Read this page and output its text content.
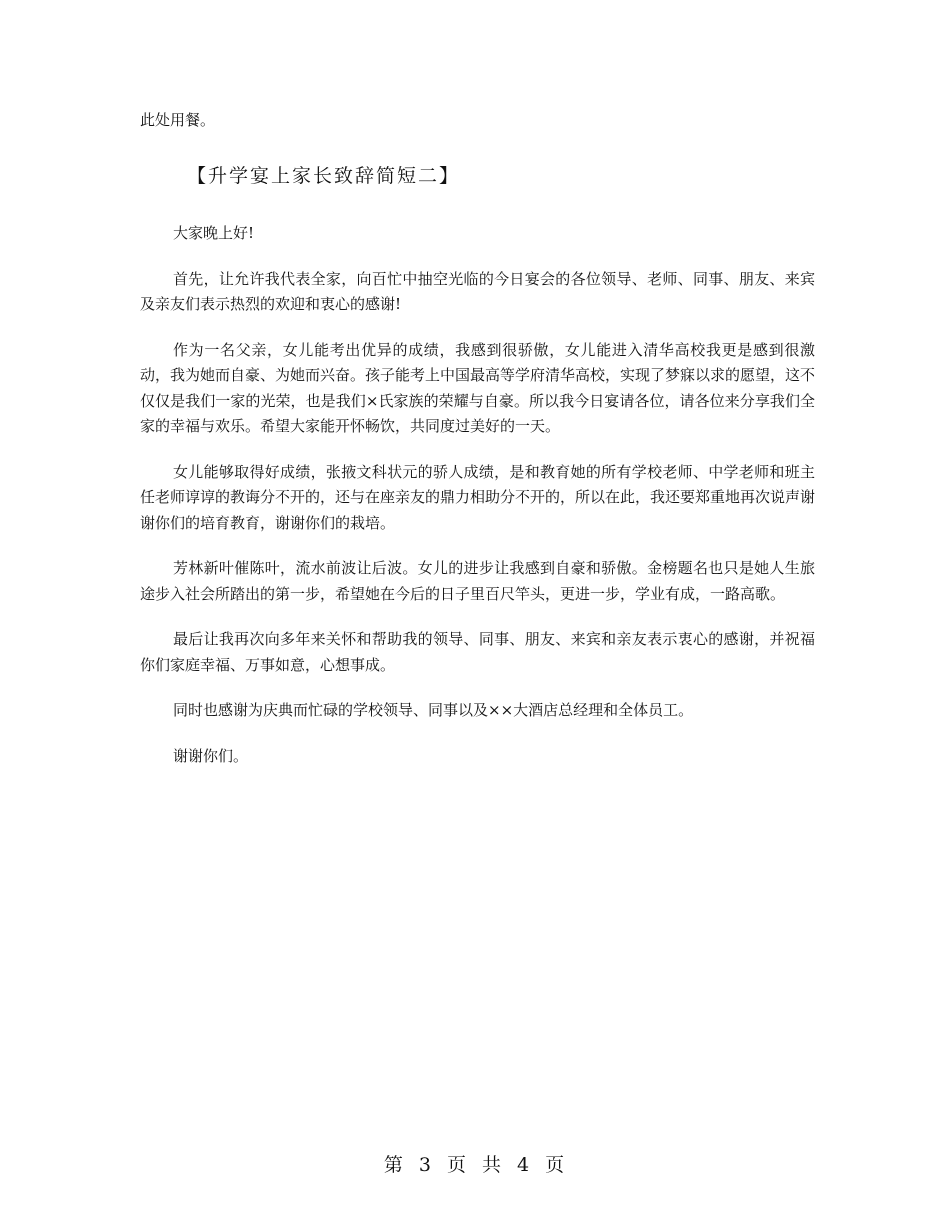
此处用餐。

【升学宴上家长致辞简短二】

大家晚上好!

首先，让允许我代表全家，向百忙中抽空光临的今日宴会的各位领导、老师、同事、朋友、来宾及亲友们表示热烈的欢迎和衷心的感谢!

作为一名父亲，女儿能考出优异的成绩，我感到很骄傲，女儿能进入清华高校我更是感到很激动，我为她而自豪、为她而兴奋。孩子能考上中国最高等学府清华高校，实现了梦寐以求的愿望，这不仅仅是我们一家的光荣，也是我们×氏家族的荣耀与自豪。所以我今日宴请各位，请各位来分享我们全家的幸福与欢乐。希望大家能开怀畅饮，共同度过美好的一天。

女儿能够取得好成绩，张掖文科状元的骄人成绩，是和教育她的所有学校老师、中学老师和班主任老师谆谆的教诲分不开的，还与在座亲友的鼎力相助分不开的，所以在此，我还要郑重地再次说声谢谢你们的培育教育，谢谢你们的栽培。

芳林新叶催陈叶，流水前波让后波。女儿的进步让我感到自豪和骄傲。金榜题名也只是她人生旅途步入社会所踏出的第一步，希望她在今后的日子里百尺竿头，更进一步，学业有成，一路高歌。

最后让我再次向多年来关怀和帮助我的领导、同事、朋友、来宾和亲友表示衷心的感谢，并祝福你们家庭幸福、万事如意，心想事成。

同时也感谢为庆典而忙碌的学校领导、同事以及××大酒店总经理和全体员工。

谢谢你们。

第 3 页 共 4 页
